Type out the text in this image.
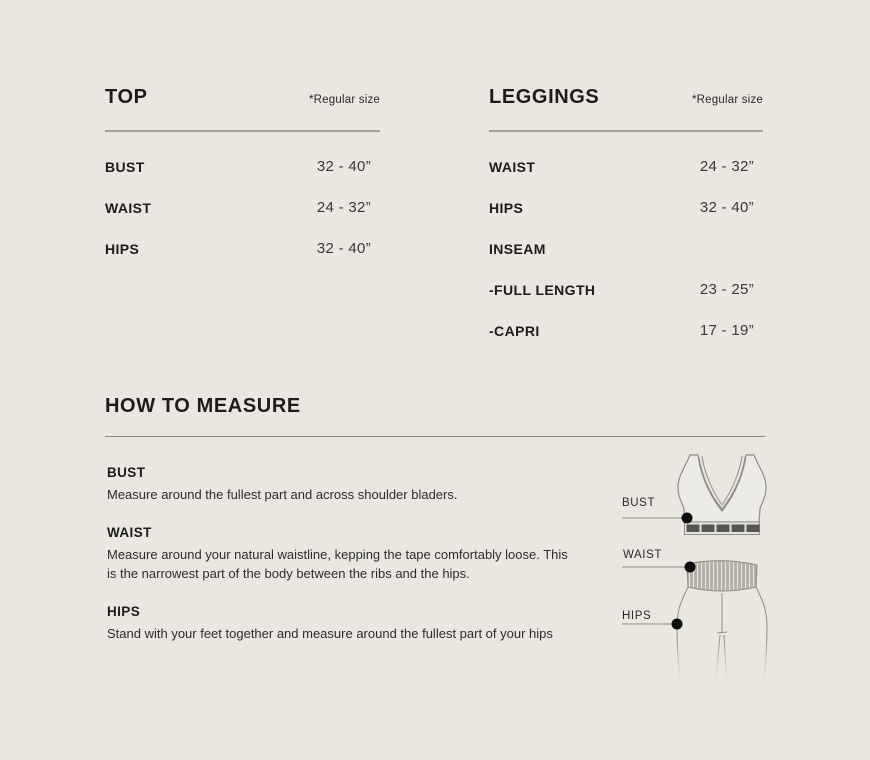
TOP	*Regular size
BUST	32 - 40”
WAIST	24 - 32”
HIPS	32 - 40”
LEGGINGS	*Regular size
WAIST	24 - 32”
HIPS	32 - 40”
INSEAM
-FULL LENGTH	23 - 25”
-CAPRI	17 - 19”
HOW TO MEASURE
BUST

Measure around the fullest part and across shoulder bladers.

WAIST

Measure around your natural waistline, kepping the tape comfortably loose. This is the narrowest part of the body between the ribs and the hips.

HIPS

Stand with your feet together and measure around the fullest part of your hips

BUST
WAIST
HIPS
